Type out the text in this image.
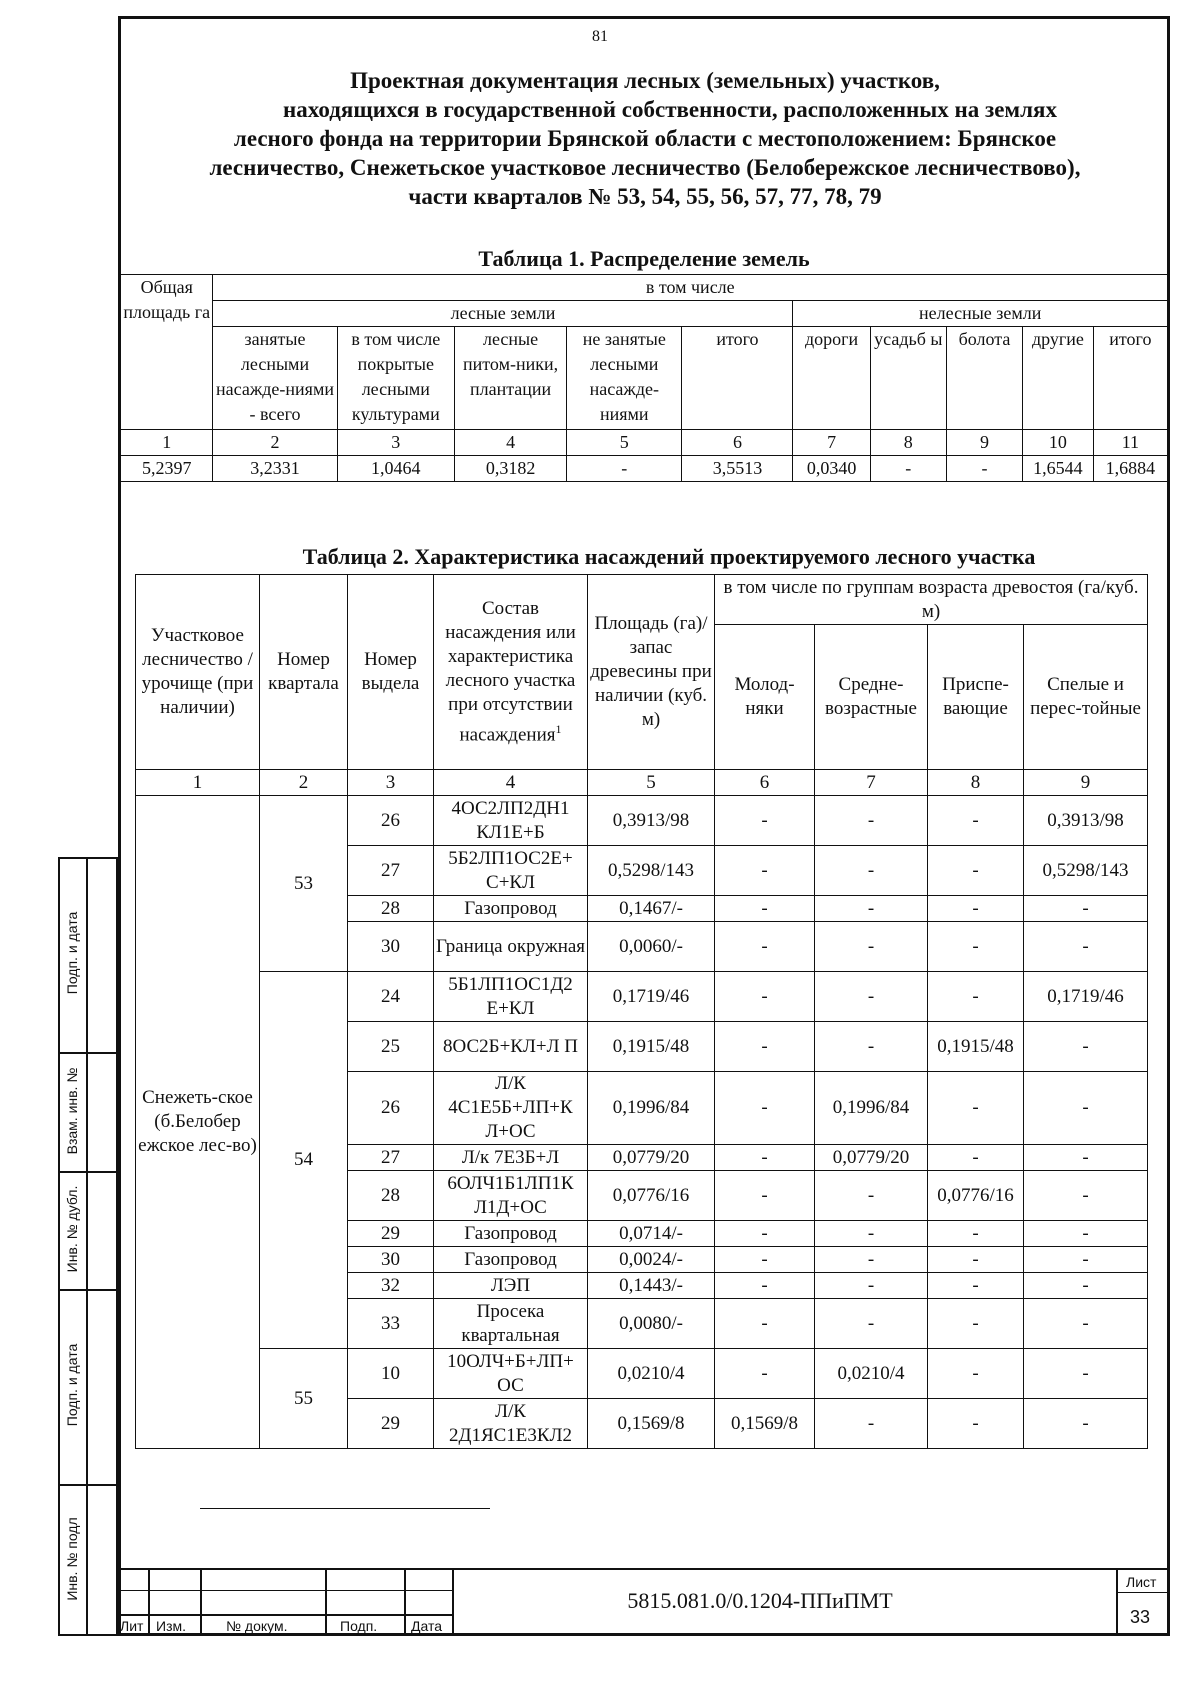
81
Проектная документация лесных (земельных) участков,
находящихся в государственной собственности, расположенных на землях
лесного фонда на территории Брянской области с местоположением: Брянское
лесничество, Снежетьское участковое лесничество (Белобережское лесничествово),
части кварталов № 53, 54, 55, 56, 57, 77, 78, 79
Таблица 1. Распределение земель
Общая площадь га	в том числе									
	лесные земли					нелесные земли				
	занятые лесными насажде-ниями - всего	в том числе покрытые лесными культурами	лесные питом-ники, плантации	не занятые лесными насажде-ниями	итого	дороги	усадьб ы	болота	другие	итого
1	2	3	4	5	6	7	8	9	10	11
5,2397	3,2331	1,0464	0,3182	-	3,5513	0,0340	-	-	1,6544	1,6884
Таблица 2. Характеристика насаждений проектируемого лесного участка
Участковое лесничество / урочище (при наличии)	Номер квартала	Номер выдела	Состав насаждения или характеристика лесного участка при отсутствии насаждения$^1$	Площадь (га)/ запас древесины при наличии (куб. м)	в том числе по группам возраста древостоя (га/куб. м)			
					Молод-няки	Средне-возрастные	Приспе-вающие	Спелые и перес-тойные
1	2	3	4	5	6	7	8	9
Снежеть-ское (б.Белобер ежское лес-во)	53	26	4ОС2ЛП2ДН1 КЛ1Е+Б	0,3913/98	-	-	-	0,3913/98
		27	5Б2ЛП1ОС2Е+ С+КЛ	0,5298/143	-	-	-	0,5298/143
		28	Газопровод	0,1467/-	-	-	-	-
		30	Граница окружная	0,0060/-	-	-	-	-
	54	24	5Б1ЛП1ОС1Д2 Е+КЛ	0,1719/46	-	-	-	0,1719/46
		25	8ОС2Б+КЛ+Л П	0,1915/48	-	-	0,1915/48	-
		26	Л/К 4С1Е5Б+ЛП+К Л+ОС	0,1996/84	-	0,1996/84	-	-
		27	Л/к 7Е3Б+Л	0,0779/20	-	0,0779/20	-	-
		28	6ОЛЧ1Б1ЛП1К Л1Д+ОС	0,0776/16	-	-	0,0776/16	-
		29	Газопровод	0,0714/-	-	-	-	-
		30	Газопровод	0,0024/-	-	-	-	-
		32	ЛЭП	0,1443/-	-	-	-	-
		33	Просека квартальная	0,0080/-	-	-	-	-
	55	10	10ОЛЧ+Б+ЛП+ ОС	0,0210/4	-	0,0210/4	-	-
		29	Л/К 2Д1ЯС1Е3КЛ2	0,1569/8	0,1569/8	-	-	-
Подп. и дата
Взам. инв. №
Инв. № дубл.
Подп. и дата
Инв. № подл
Лит Изм.	№ докум.	Подп. Дата
5815.081.0/0.1204-ППиПМТ
Лист
33
